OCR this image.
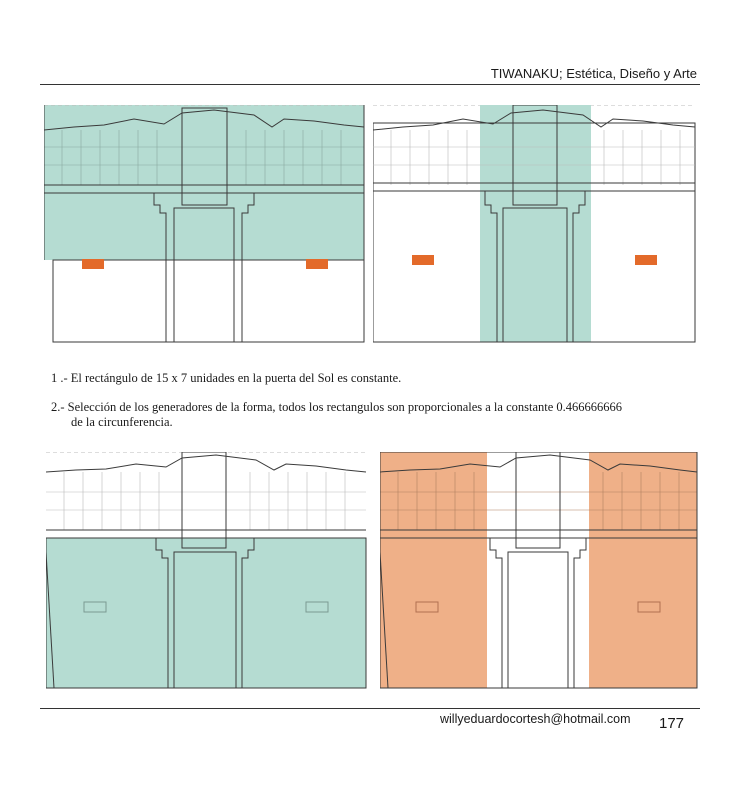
TIWANAKU; Estética, Diseño y Arte
1 .- El rectángulo de 15 x 7 unidades en la puerta del Sol es constante.
2.- Selección de los generadores de la forma, todos los rectangulos son proporcionales a la constante 0.466666666
de la circunferencia.
willyeduardocortesh@hotmail.com 177
